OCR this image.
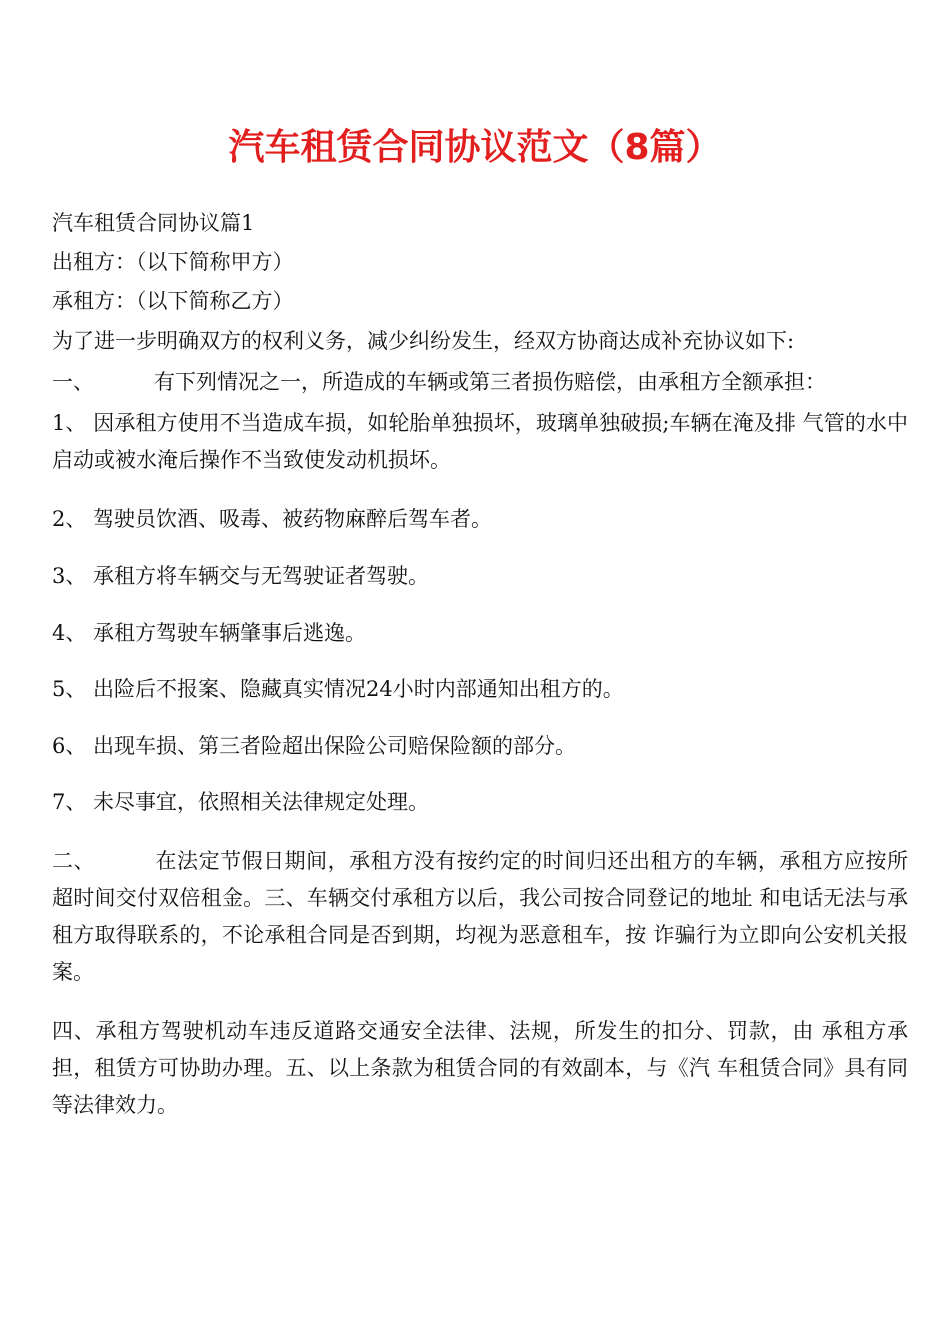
汽车租赁合同协议范文（8篇）

汽车租赁合同协议篇1

出租方：（以下简称甲方）

承租方：（以下简称乙方）

为了进一步明确双方的权利义务，减少纠纷发生，经双方协商达成补充协议如下:

一、	有下列情况之一，所造成的车辆或第三者损伤赔偿，由承租方全额承担：

1、 因承租方使用不当造成车损，如轮胎单独损坏，玻璃单独破损;车辆在淹及排 气管的水中启动或被水淹后操作不当致使发动机损坏。

2、 驾驶员饮酒、吸毒、被药物麻醉后驾车者。

3、 承租方将车辆交与无驾驶证者驾驶。

4、 承租方驾驶车辆肇事后逃逸。

5、 出险后不报案、隐藏真实情况24小时内部通知出租方的。

6、 出现车损、第三者险超出保险公司赔保险额的部分。

7、 未尽事宜，依照相关法律规定处理。

二、	在法定节假日期间，承租方没有按约定的时间归还出租方的车辆，承租方应按所超时间交付双倍租金。三、车辆交付承租方以后，我公司按合同登记的地址 和电话无法与承租方取得联系的，不论承租合同是否到期，均视为恶意租车，按 诈骗行为立即向公安机关报案。

四、承租方驾驶机动车违反道路交通安全法律、法规，所发生的扣分、罚款，由 承租方承担，租赁方可协助办理。五、以上条款为租赁合同的有效副本，与《汽 车租赁合同》具有同等法律效力。
